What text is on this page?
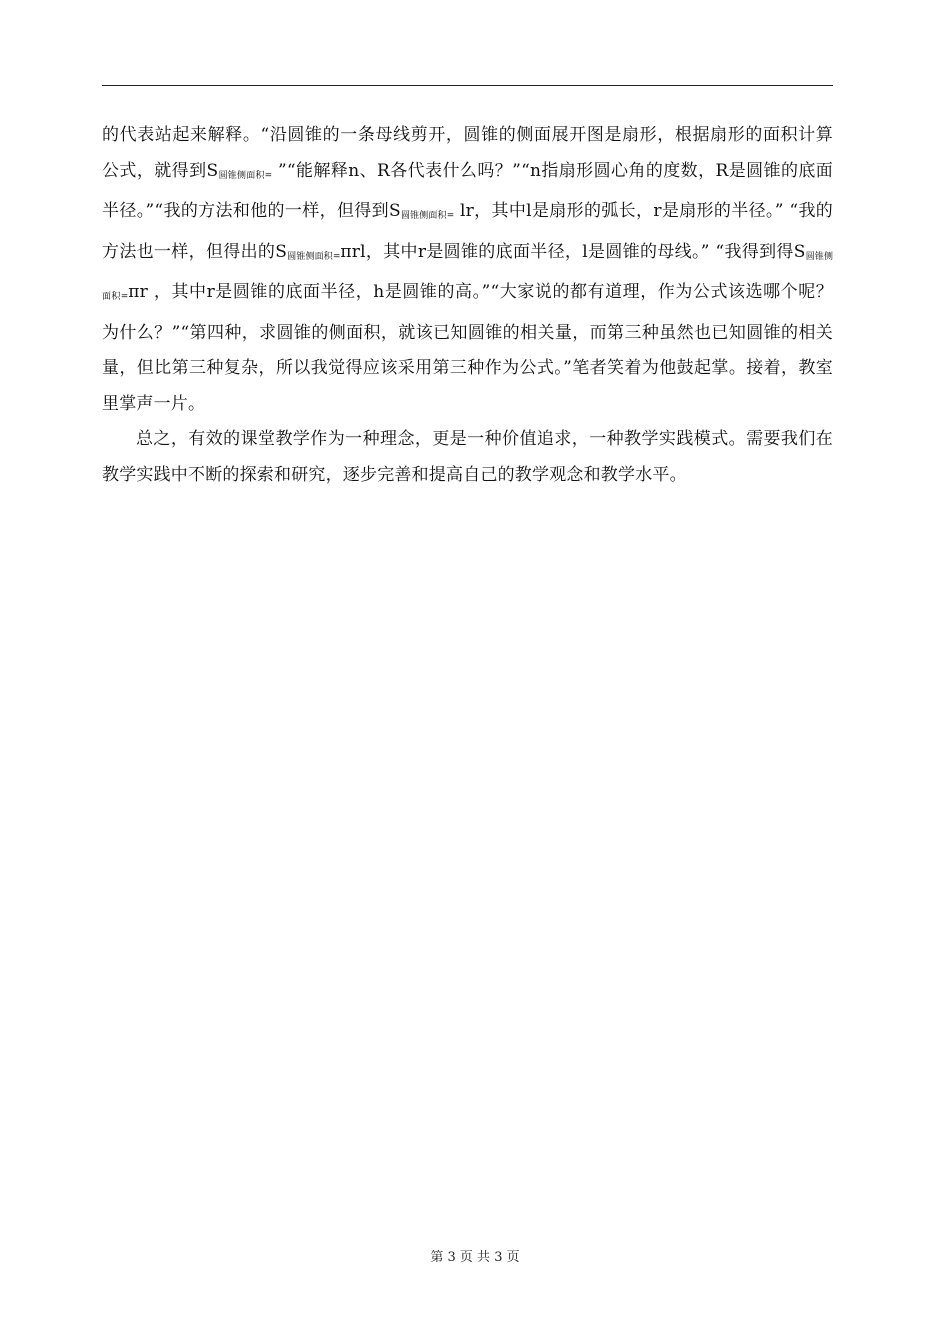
的代表站起来解释。“沿圆锥的一条母线剪开，圆锥的侧面展开图是扇形，根据扇形的面积计算公式，就得到$S_{圆锥侧面积=}$ ”“能解释n、R各代表什么吗？”“n指扇形圆心角的度数，R是圆锥的底面半径。”“我的方法和他的一样，但得到$S_{圆锥侧面积=}$ lr，其中l是扇形的弧长，r是扇形的半径。” “我的方法也一样，但得出的$S_{圆锥侧面积=}\pi rl$，其中r是圆锥的底面半径，l是圆锥的母线。” “我得到得$S_{圆锥侧面积=}\pi r$ ，其中r是圆锥的底面半径，h是圆锥的高。”“大家说的都有道理，作为公式该选哪个呢？为什么？”“第四种，求圆锥的侧面积，就该已知圆锥的相关量，而第三种虽然也已知圆锥的相关量，但比第三种复杂，所以我觉得应该采用第三种作为公式。”笔者笑着为他鼓起掌。接着，教室里掌声一片。

总之，有效的课堂教学作为一种理念，更是一种价值追求，一种教学实践模式。需要我们在教学实践中不断的探索和研究，逐步完善和提高自己的教学观念和教学水平。

第 3 页 共 3 页
